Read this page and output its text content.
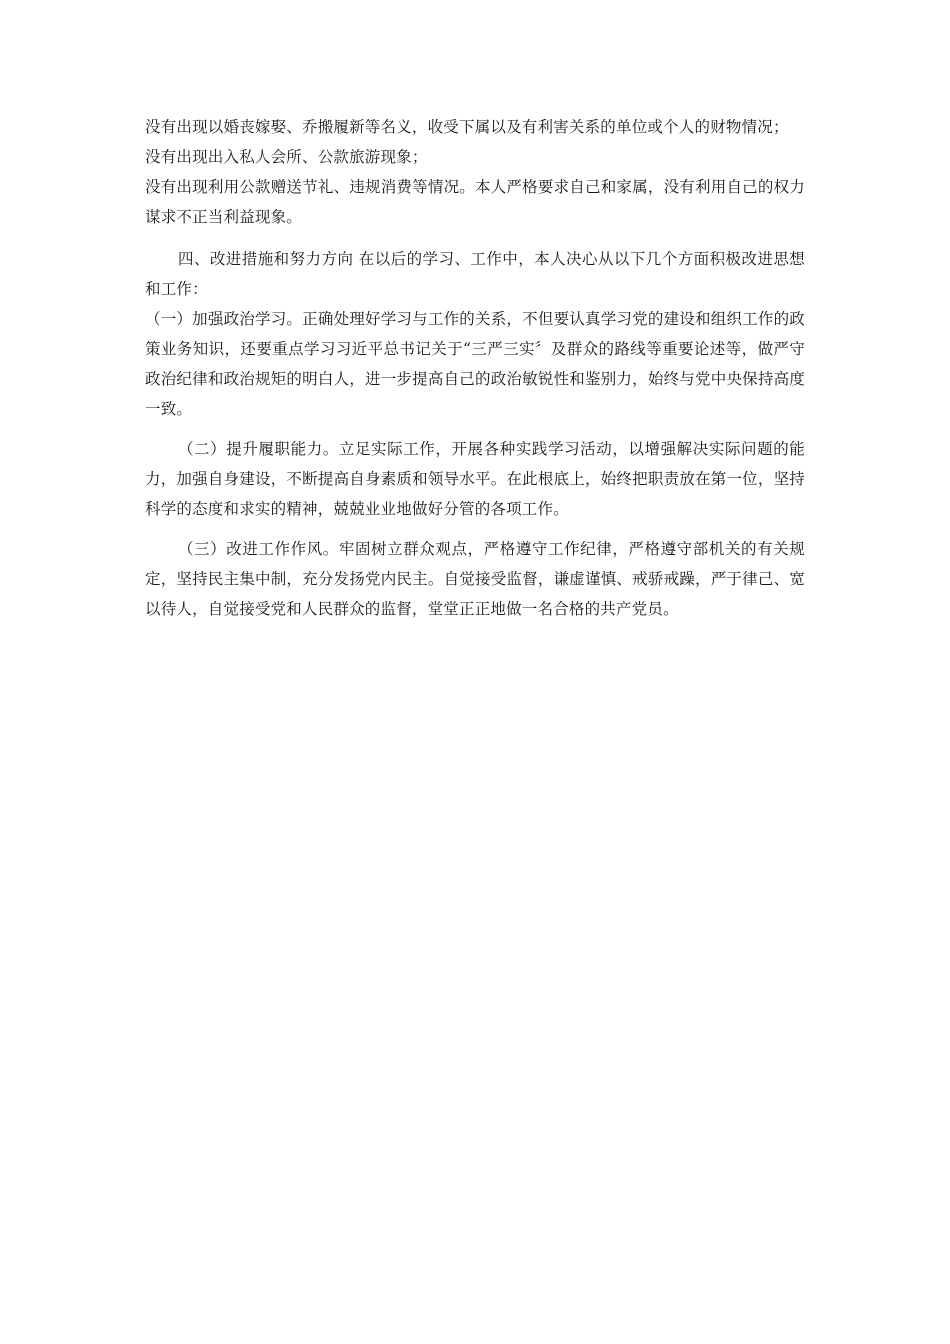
没有出现以婚丧嫁娶、乔搬履新等名义，收受下属以及有利害关系的单位或个人的财物情况；

没有出现出入私人会所、公款旅游现象；

没有出现利用公款赠送节礼、违规消费等情况。本人严格要求自己和家属，没有利用自己的权力谋求不正当利益现象。

四、改进措施和努力方向 在以后的学习、工作中，本人决心从以下几个方面积极改进思想和工作：

（一）加强政治学习。正确处理好学习与工作的关系，不但要认真学习党的建设和组织工作的政策业务知识，还要重点学习习近平总书记关于“三严三实〞及群众的路线等重要论述等，做严守政治纪律和政治规矩的明白人，进一步提高自己的政治敏锐性和鉴别力，始终与党中央保持高度一致。

（二）提升履职能力。立足实际工作，开展各种实践学习活动，以增强解决实际问题的能力，加强自身建设，不断提高自身素质和领导水平。在此根底上，始终把职责放在第一位，坚持科学的态度和求实的精神，兢兢业业地做好分管的各项工作。

（三）改进工作作风。牢固树立群众观点，严格遵守工作纪律，严格遵守部机关的有关规定，坚持民主集中制，充分发扬党内民主。自觉接受监督，谦虚谨慎、戒骄戒躁，严于律己、宽以待人，自觉接受党和人民群众的监督，堂堂正正地做一名合格的共产党员。
